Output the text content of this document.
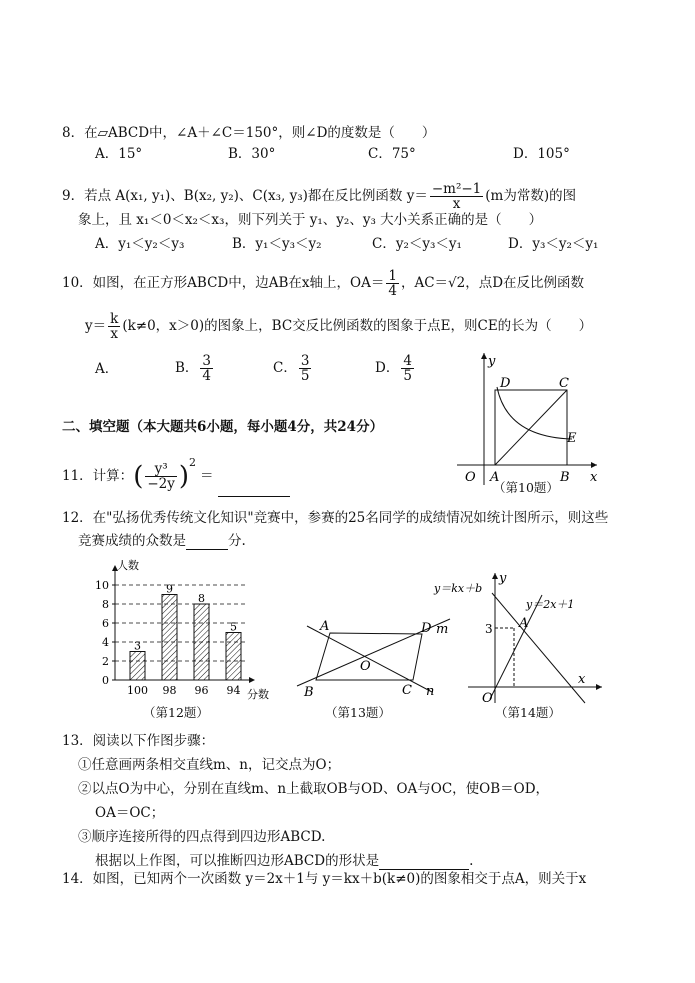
8．在▱ABCD中，∠A＋∠C＝150°，则∠D的度数是（　　）
A．15°	B．30°	C．75°	D．105°
9．若点 A(x₁, y₁)、B(x₂, y₂)、C(x₃, y₃)都在反比例函数 $y= \frac{\text{−m²−1}}{x} (m$为常数)的图
象上，且 x₁＜0＜x₂＜x₃，则下列关于 y₁、y₂、y₃ 大小关系正确的是（　　）
A．y₁＜y₂＜y₃	B．y₁＜y₃＜y₂	C．y₂＜y₃＜y₁	D．y₃＜y₂＜y₁
10．如图，在正方形ABCD中，边AB在x轴上，$OA= \frac{1}{4}$ ，AC＝√2，点D在反比例函数
$y= \frac{k}{x} (k\ne 0$，x＞0)的图象上，BC交反比例函数的图象于点E，则CE的长为（　　）
A．	B． $\frac{3}{4}$	C． $\frac{3}{5}$	D． $\frac{4}{5}$	y
D	C
E
O A	B x
（第10题）
二、填空题（本大题共6小题，每小题4分，共24分）
11．计算：( $\frac{\text{y³}}{-2y} )^2=$
12．在"弘扬优秀传统文化知识"竞赛中，参赛的25名同学的成绩情况如统计图所示，则这些
竞赛成绩的众数是	分.
0
2
4
6
8
10
人数
分数
3
100
9
98
8
96
5
94
（第12题）
A	D m
O
B	C n
（第13题）
y＝kx＋b
y＝2x＋1
y
x
O
A
3
（第14题）
13．阅读以下作图步骤：
①任意画两条相交直线m、n，记交点为O；
②以点O为中心，分别在直线m、n上截取OB与OD、OA与OC，使OB＝OD，
OA＝OC；
③顺序连接所得的四点得到四边形ABCD.
根据以上作图，可以推断四边形ABCD的形状是	.
14．如图，已知两个一次函数 y＝2x＋1与 y＝kx＋b(k≠0)的图象相交于点A，则关于x
